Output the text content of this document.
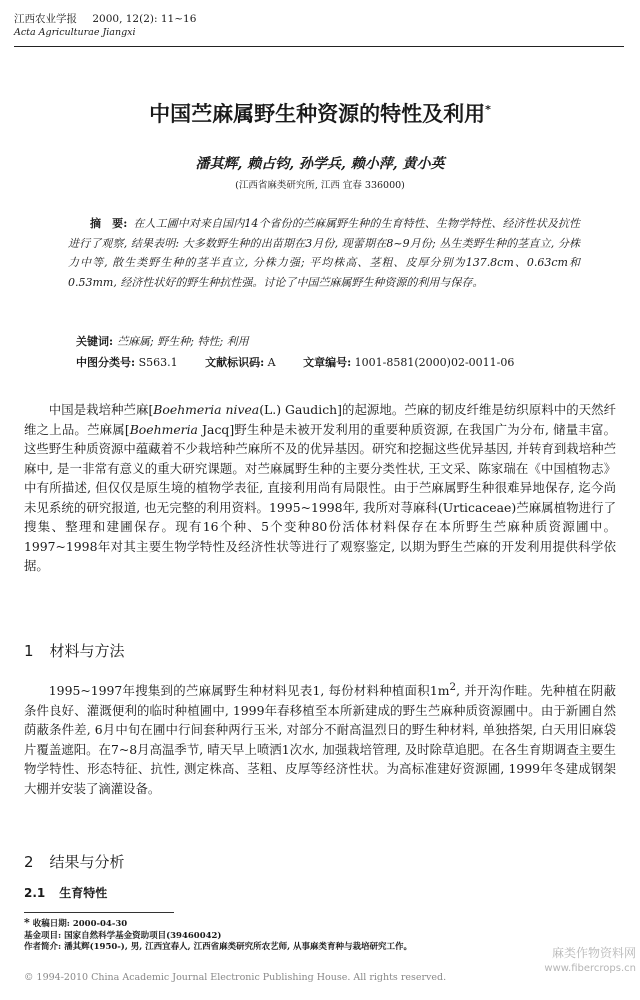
江西农业学报 2000, 12(2): 11~16
Acta Agriculturae Jiangxi
中国苎麻属野生种资源的特性及利用*
潘其辉, 赖占钧, 孙学兵, 赖小萍, 黄小英
(江西省麻类研究所, 江西 宜春 336000)
摘　要: 在人工圃中对来自国内14个省份的苎麻属野生种的生育特性、生物学特性、经济性状及抗性进行了观察, 结果表明: 大多数野生种的出苗期在3月份, 现蕾期在8~9月份; 丛生类野生种的茎直立, 分株力中等, 散生类野生种的茎半直立, 分株力强; 平均株高、茎粗、皮厚分别为137.8cm、0.63cm和0.53mm, 经济性状好的野生种抗性强。讨论了中国苎麻属野生种资源的利用与保存。
关键词: 苎麻属; 野生种; 特性; 利用
中图分类号: S563.1	文献标识码: A	文章编号: 1001-8581(2000)02-0011-06

中国是栽培种苎麻[Boehmeria nivea(L.) Gaudich]的起源地。苎麻的韧皮纤维是纺织原料中的天然纤维之上品。苎麻属[Boehmeria Jacq]野生种是未被开发利用的重要种质资源, 在我国广为分布, 储量丰富。这些野生种质资源中蕴藏着不少栽培种苎麻所不及的优异基因。研究和挖掘这些优异基因, 并转育到栽培种苎麻中, 是一非常有意义的重大研究课题。对苎麻属野生种的主要分类性状, 王文采、陈家瑞在《中国植物志》中有所描述, 但仅仅是原生境的植物学表征, 直接利用尚有局限性。由于苎麻属野生种很难异地保存, 迄今尚未见系统的研究报道, 也无完整的利用资料。1995~1998年, 我所对荨麻科(Urticaceae)苎麻属植物进行了搜集、整理和建圃保存。现有16个种、5个变种80份活体材料保存在本所野生苎麻种质资源圃中。1997~1998年对其主要生物学特性及经济性状等进行了观察鉴定, 以期为野生苎麻的开发利用提供科学依据。

1 材料与方法

1995~1997年搜集到的苎麻属野生种材料见表1, 每份材料种植面积$1m^2$, 并开沟作畦。先种植在阴蔽条件良好、灌溉便利的临时种植圃中, 1999年春移植至本所新建成的野生苎麻种质资源圃中。由于新圃自然荫蔽条件差, 6月中旬在圃中行间套种两行玉米, 对部分不耐高温烈日的野生种材料, 单独搭架, 白天用旧麻袋片覆盖遮阳。在7~8月高温季节, 晴天早上喷洒1次水, 加强栽培管理, 及时除草追肥。在各生育期调查主要生物学特性、形态特征、抗性, 测定株高、茎粗、皮厚等经济性状。为高标准建好资源圃, 1999年冬建成钢架大棚并安装了滴灌设备。

2 结果与分析
2.1 生育特性
* 收稿日期: 2000-04-30
基金项目: 国家自然科学基金资助项目(39460042)
作者简介: 潘其辉(1950-), 男, 江西宜春人, 江西省麻类研究所农艺师, 从事麻类育种与栽培研究工作。
© 1994-2010 China Academic Journal Electronic Publishing House. All rights reserved.
麻类作物资料网
www.fibercrops.cn
